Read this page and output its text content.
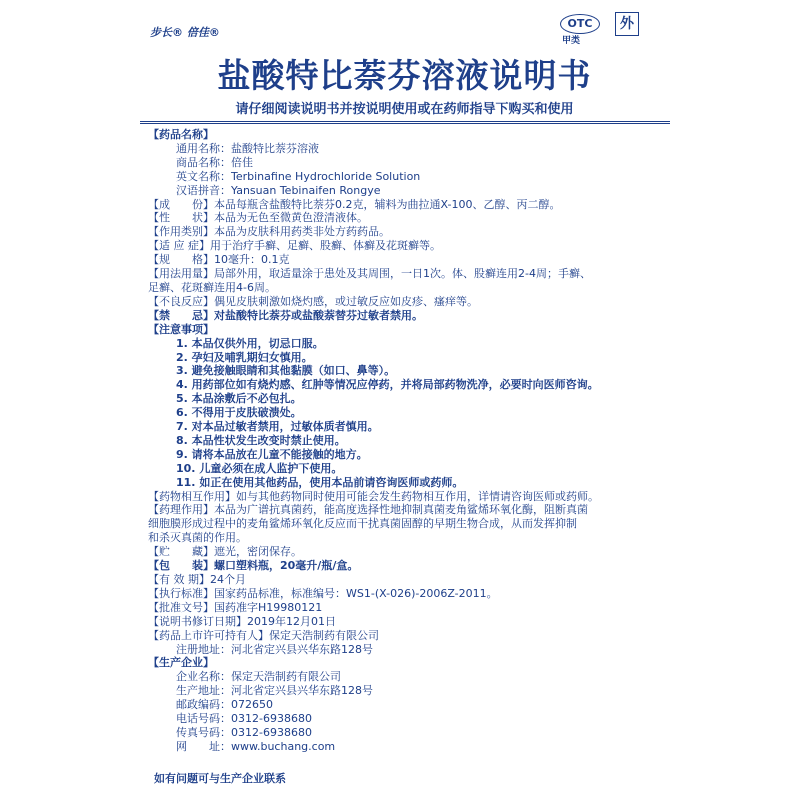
步长® 倍佳®
OTC
甲类
外
盐酸特比萘芬溶液说明书
请仔细阅读说明书并按说明使用或在药师指导下购买和使用
【药品名称】
通用名称：盐酸特比萘芬溶液
商品名称：倍佳
英文名称：Terbinafine Hydrochloride Solution
汉语拼音：Yansuan Tebinaifen Rongye
【成　　份】本品每瓶含盐酸特比萘芬0.2克，辅料为曲拉通X-100、乙醇、丙二醇。
【性　　状】本品为无色至微黄色澄清液体。
【作用类别】本品为皮肤科用药类非处方药药品。
【适 应 症】用于治疗手癣、足癣、股癣、体癣及花斑癣等。
【规　　格】10毫升：0.1克
【用法用量】局部外用，取适量涂于患处及其周围，一日1次。体、股癣连用2-4周；手癣、
足癣、花斑癣连用4-6周。
【不良反应】偶见皮肤刺激如烧灼感，或过敏反应如皮疹、瘙痒等。
【禁　　忌】对盐酸特比萘芬或盐酸萘替芬过敏者禁用。
【注意事项】
1. 本品仅供外用，切忌口服。
2. 孕妇及哺乳期妇女慎用。
3. 避免接触眼睛和其他黏膜（如口、鼻等）。
4. 用药部位如有烧灼感、红肿等情况应停药，并将局部药物洗净，必要时向医师咨询。
5. 本品涂敷后不必包扎。
6. 不得用于皮肤破溃处。
7. 对本品过敏者禁用，过敏体质者慎用。
8. 本品性状发生改变时禁止使用。
9. 请将本品放在儿童不能接触的地方。
10. 儿童必须在成人监护下使用。
11. 如正在使用其他药品，使用本品前请咨询医师或药师。
【药物相互作用】如与其他药物同时使用可能会发生药物相互作用，详情请咨询医师或药师。
【药理作用】本品为广谱抗真菌药，能高度选择性地抑制真菌麦角鲨烯环氧化酶，阻断真菌
细胞膜形成过程中的麦角鲨烯环氧化反应而干扰真菌固醇的早期生物合成，从而发挥抑制
和杀灭真菌的作用。
【贮　　藏】遮光，密闭保存。
【包　　装】螺口塑料瓶，20毫升/瓶/盒。
【有 效 期】24个月
【执行标准】国家药品标准，标准编号：WS1-(X-026)-2006Z-2011。
【批准文号】国药准字H19980121
【说明书修订日期】2019年12月01日
【药品上市许可持有人】保定天浩制药有限公司
注册地址：河北省定兴县兴华东路128号
【生产企业】
企业名称：保定天浩制药有限公司
生产地址：河北省定兴县兴华东路128号
邮政编码：072650
电话号码：0312-6938680
传真号码：0312-6938680
网　　址：www.buchang.com
如有问题可与生产企业联系
